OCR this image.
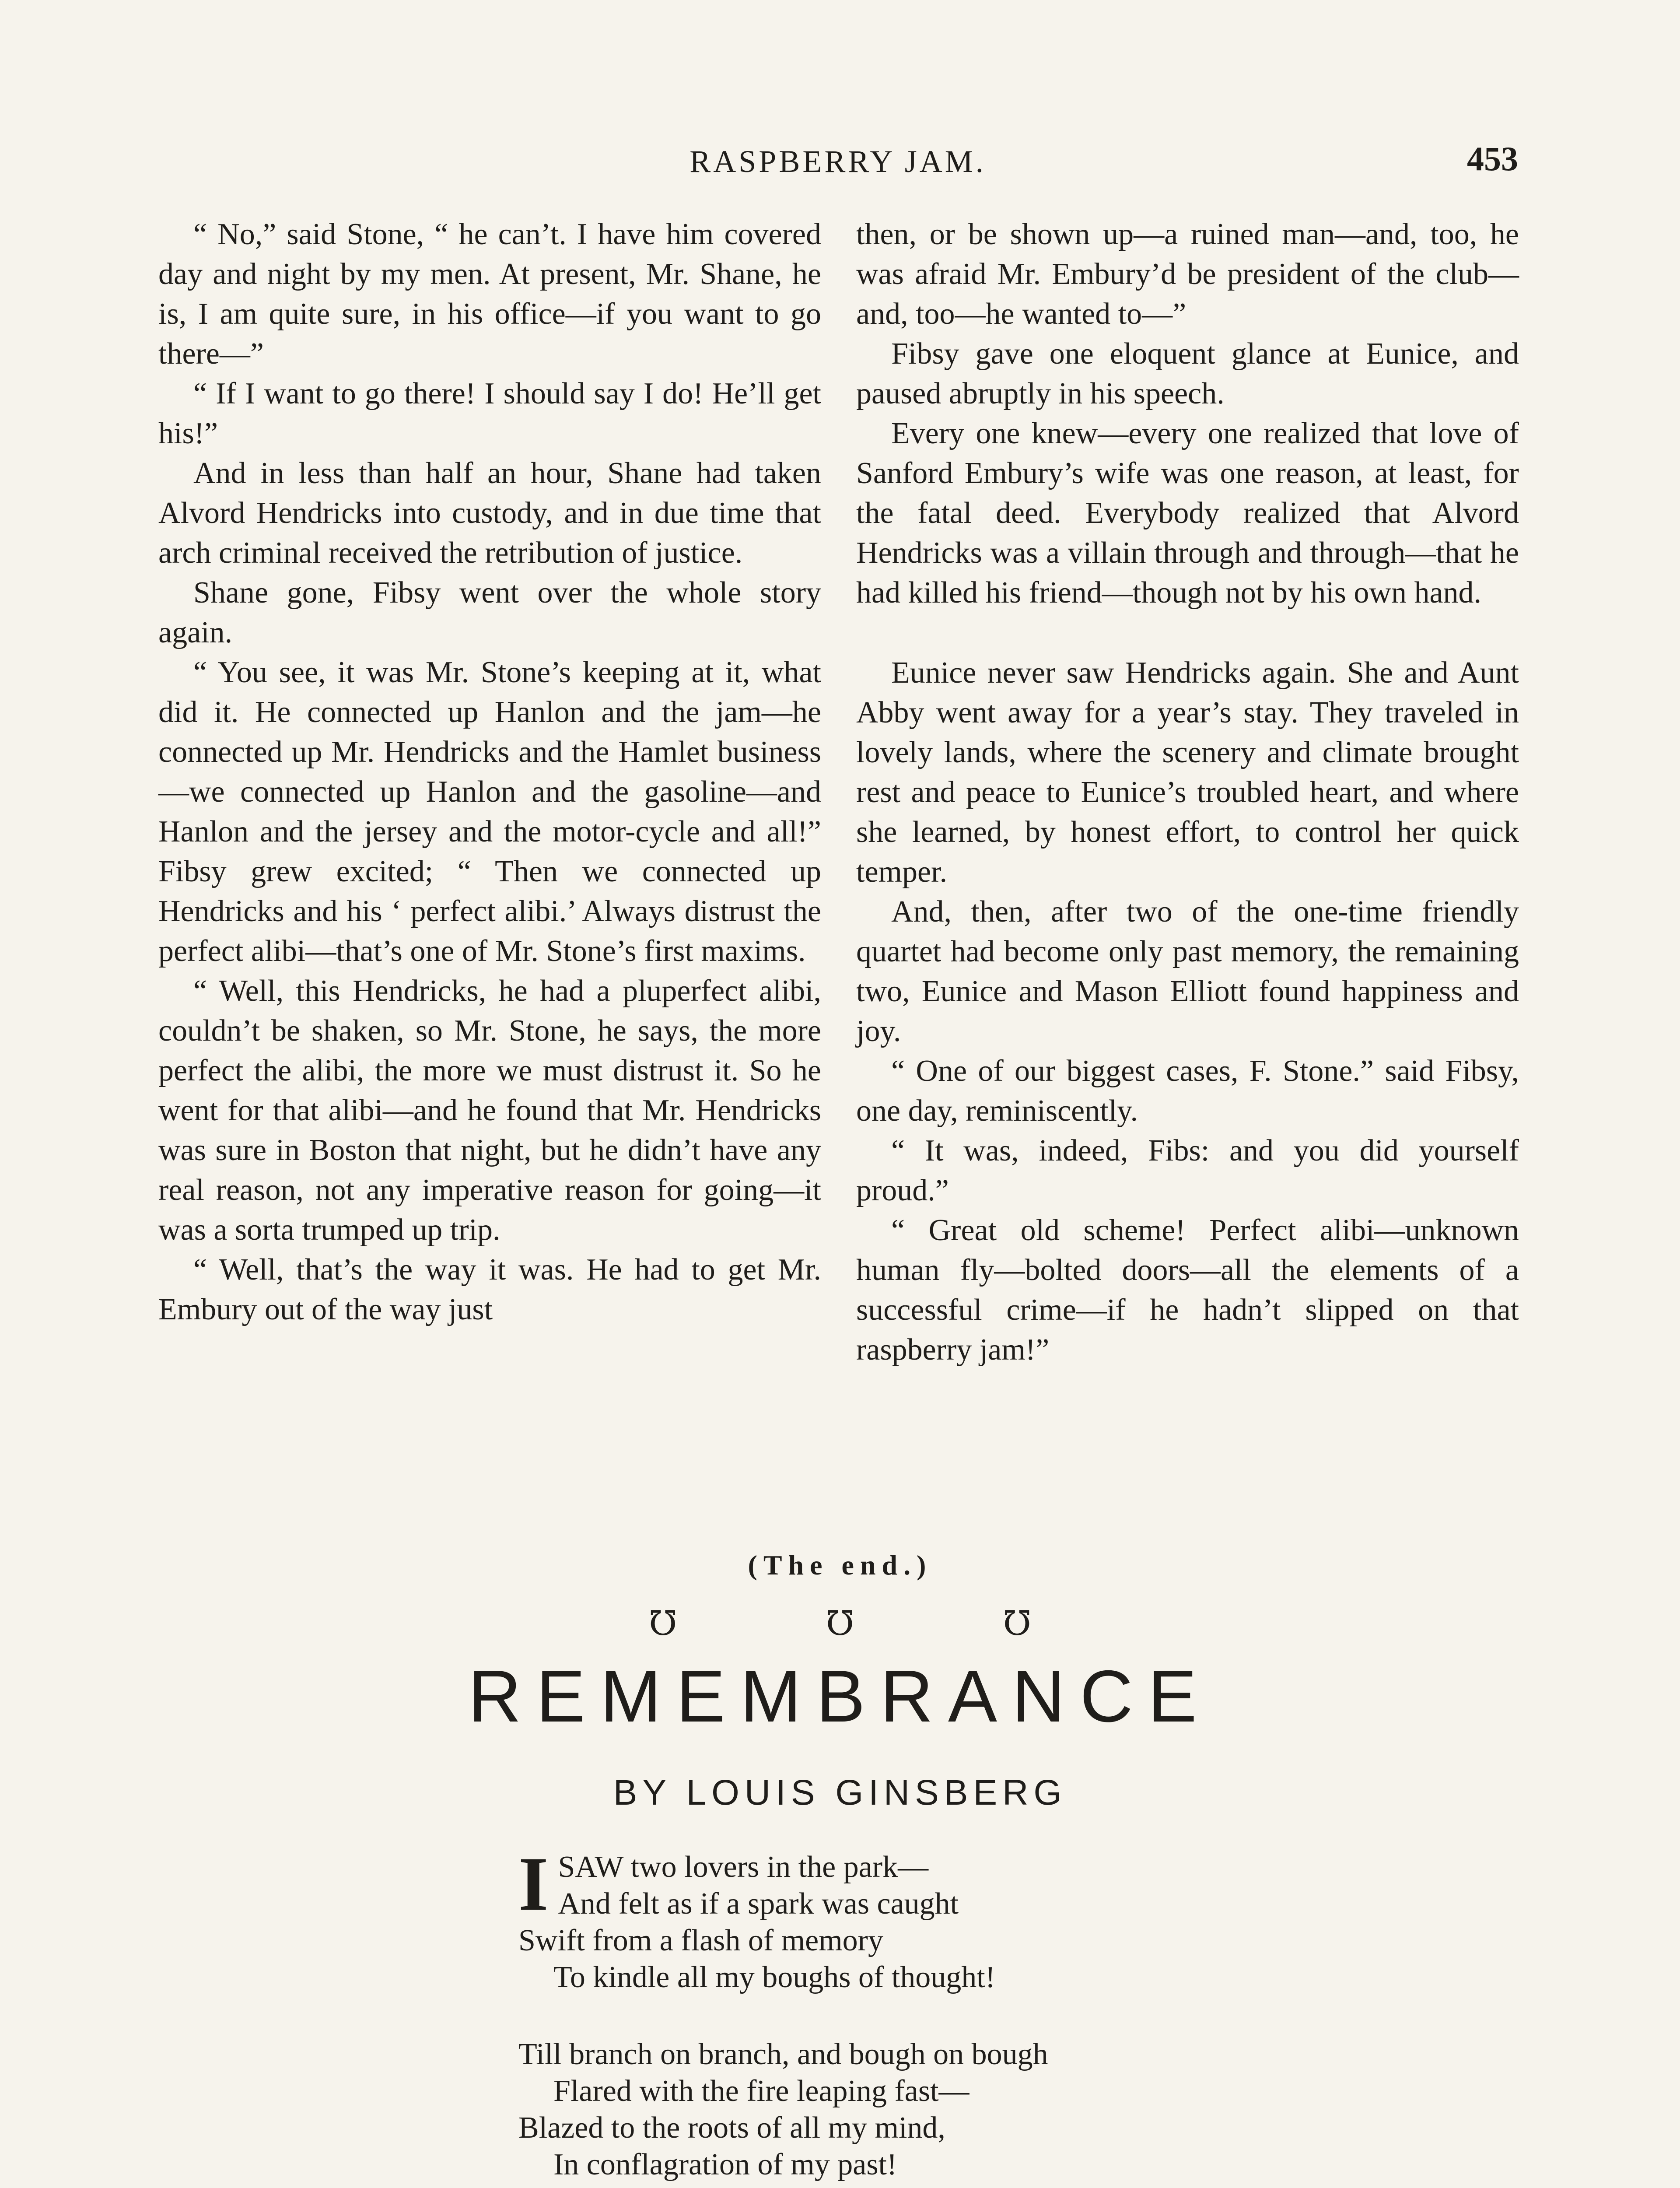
RASPBERRY JAM.	453

“ No,” said Stone, “ he can’t. I have him covered day and night by my men. At present, Mr. Shane, he is, I am quite sure, in his office—if you want to go there—”

“ If I want to go there! I should say I do! He’ll get his!”

And in less than half an hour, Shane had taken Alvord Hendricks into custody, and in due time that arch criminal received the retribution of justice.

Shane gone, Fibsy went over the whole story again.

“ You see, it was Mr. Stone’s keeping at it, what did it. He connected up Hanlon and the jam—he connected up Mr. Hendricks and the Hamlet business—we connected up Hanlon and the gasoline—and Hanlon and the jersey and the motor-cycle and all!” Fibsy grew excited; “ Then we connected up Hendricks and his ‘ perfect alibi.’ Always distrust the perfect alibi—that’s one of Mr. Stone’s first maxims.

“ Well, this Hendricks, he had a pluperfect alibi, couldn’t be shaken, so Mr. Stone, he says, the more perfect the alibi, the more we must distrust it. So he went for that alibi—and he found that Mr. Hendricks was sure in Boston that night, but he didn’t have any real reason, not any imperative reason for going—it was a sorta trumped up trip.

“ Well, that’s the way it was. He had to get Mr. Embury out of the way just

then, or be shown up—a ruined man—and, too, he was afraid Mr. Embury’d be president of the club—and, too—he wanted to—”

Fibsy gave one eloquent glance at Eunice, and paused abruptly in his speech.

Every one knew—every one realized that love of Sanford Embury’s wife was one reason, at least, for the fatal deed. Everybody realized that Alvord Hendricks was a villain through and through—that he had killed his friend—though not by his own hand.

Eunice never saw Hendricks again. She and Aunt Abby went away for a year’s stay. They traveled in lovely lands, where the scenery and climate brought rest and peace to Eunice’s troubled heart, and where she learned, by honest effort, to control her quick temper.

And, then, after two of the one-time friendly quartet had become only past memory, the remaining two, Eunice and Mason Elliott found happiness and joy.

“ One of our biggest cases, F. Stone.” said Fibsy, one day, reminiscently.

“ It was, indeed, Fibs: and you did yourself proud.”

“ Great old scheme! Perfect alibi—unknown human fly—bolted doors—all the elements of a successful crime—if he hadn’t slipped on that raspberry jam!”

(The end.)
℧	℧	℧
REMEMBRANCE
BY LOUIS GINSBERG
I SAW two lovers in the park—
And felt as if a spark was caught
Swift from a flash of memory
To kindle all my boughs of thought!
Till branch on branch, and bough on bough
Flared with the fire leaping fast—
Blazed to the roots of all my mind,
In conflagration of my past!
